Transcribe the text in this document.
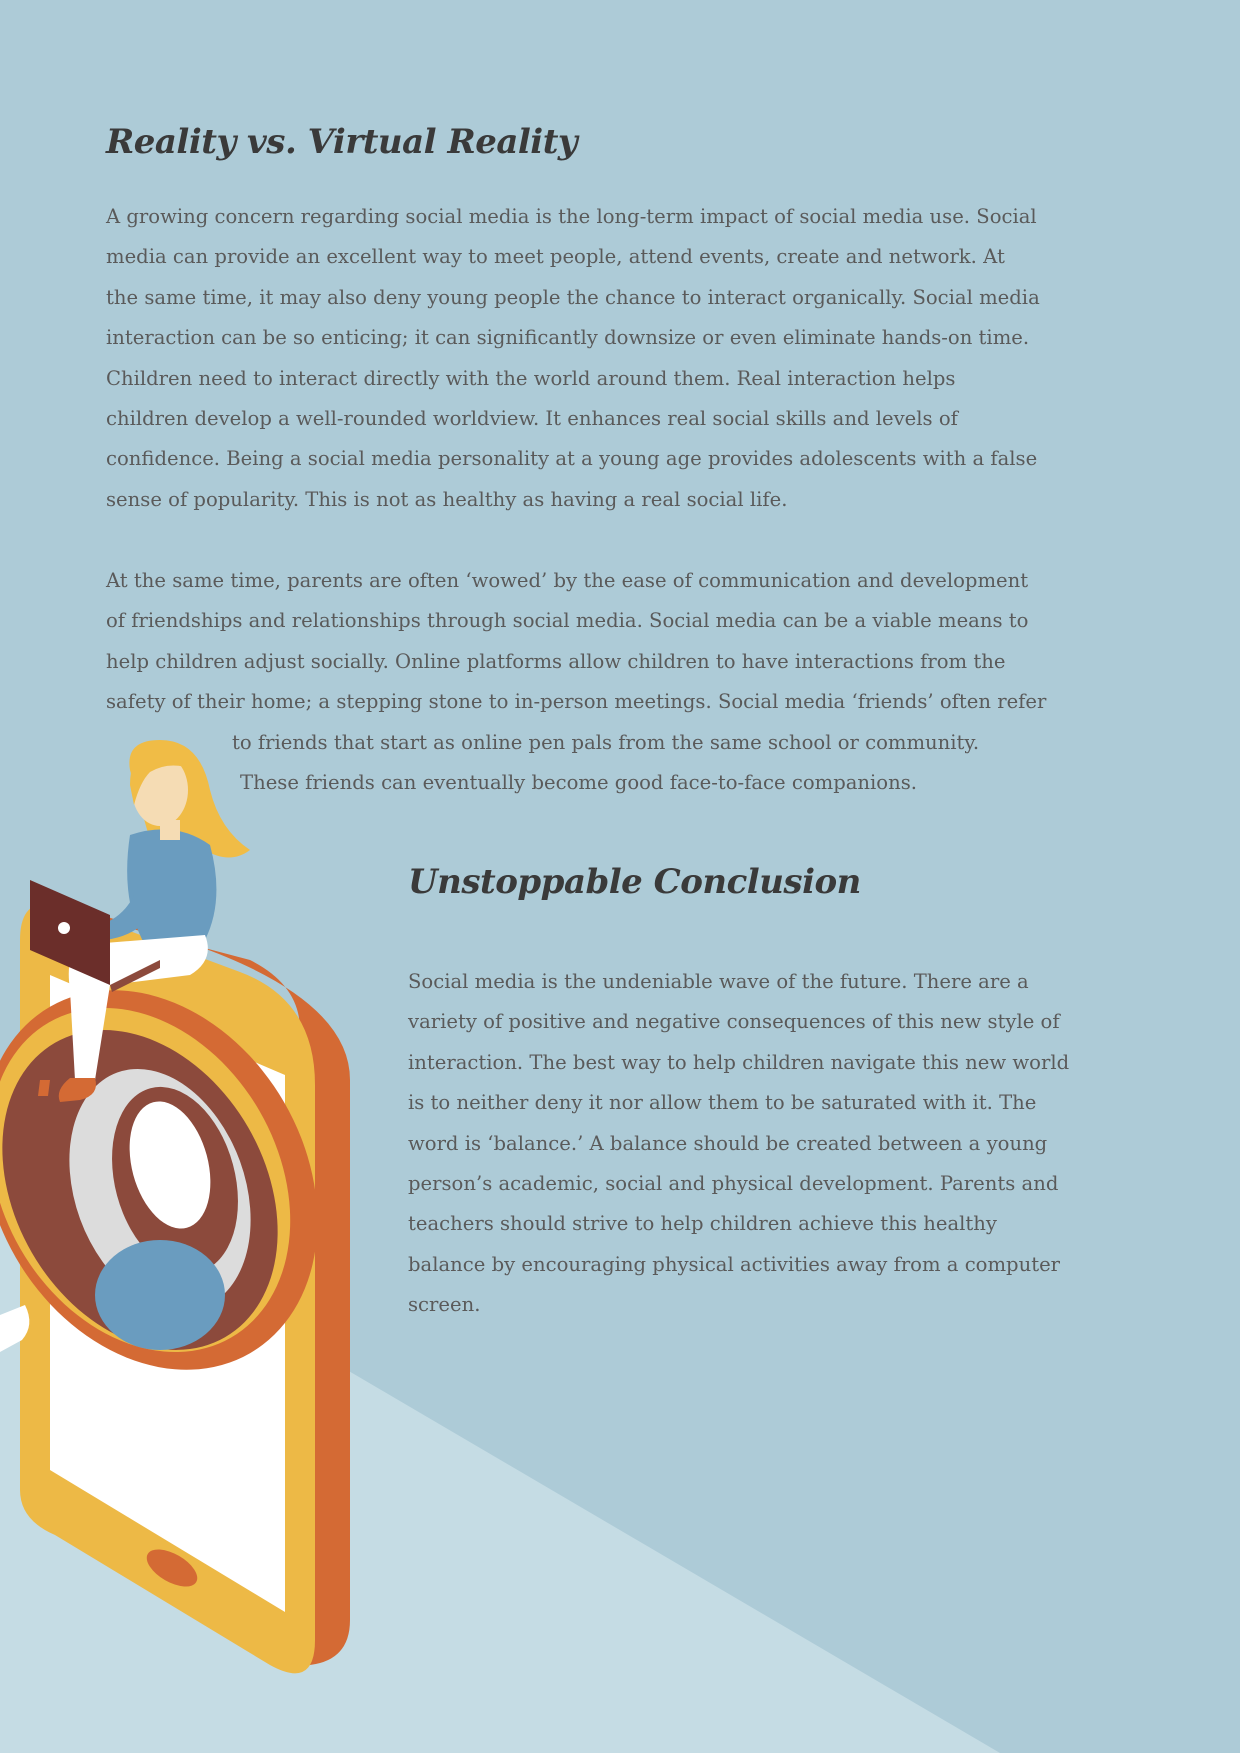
Reality vs. Virtual Reality

A growing concern regarding social media is the long-term impact of social media use. Social
media can provide an excellent way to meet people, attend events, create and network. At
the same time, it may also deny young people the chance to interact organically. Social media
interaction can be so enticing; it can significantly downsize or even eliminate hands-on time.
Children need to interact directly with the world around them. Real interaction helps
children develop a well-rounded worldview. It enhances real social skills and levels of
confidence. Being a social media personality at a young age provides adolescents with a false
sense of popularity. This is not as healthy as having a real social life.

At the same time, parents are often ‘wowed’ by the ease of communication and development
of friendships and relationships through social media. Social media can be a viable means to
help children adjust socially. Online platforms allow children to have interactions from the
safety of their home; a stepping stone to in-person meetings. Social media ‘friends’ often refer
to friends that start as online pen pals from the same school or community.
These friends can eventually become good face-to-face companions.

Unstoppable Conclusion

Social media is the undeniable wave of the future. There are a
variety of positive and negative consequences of this new style of
interaction. The best way to help children navigate this new world
is to neither deny it nor allow them to be saturated with it. The
word is ‘balance.’ A balance should be created between a young
person’s academic, social and physical development. Parents and
teachers should strive to help children achieve this healthy
balance by encouraging physical activities away from a computer
screen.
